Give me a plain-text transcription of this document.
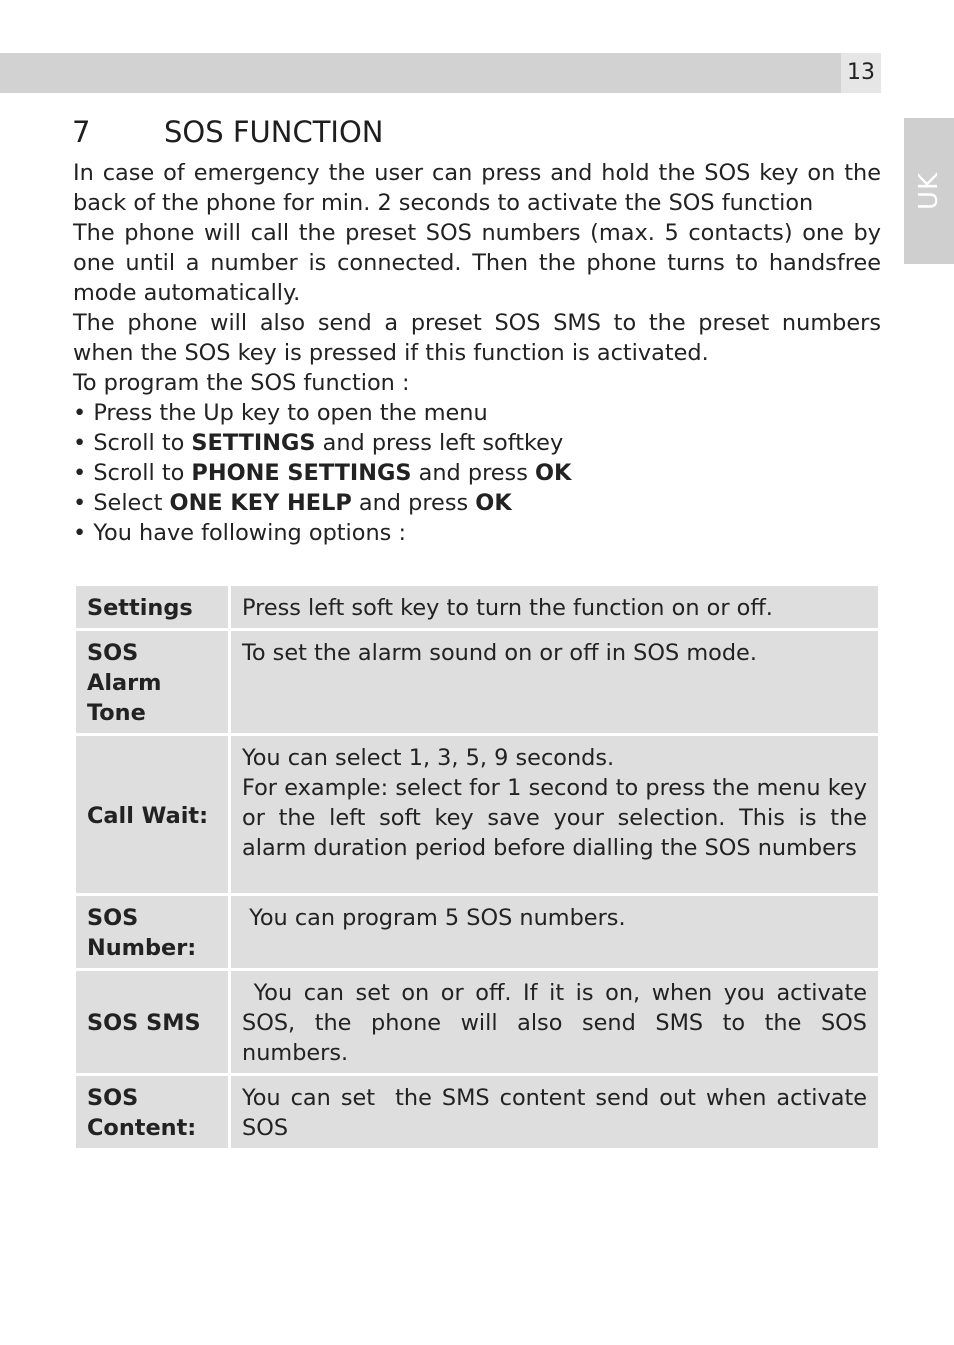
13
UK
7	SOS FUNCTION

In case of emergency the user can press and hold the SOS key on the back of the phone for min. 2 seconds to activate the SOS function

The phone will call the preset SOS numbers (max. 5 contacts) one by one until a number is connected. Then the phone turns to handsfree mode automatically.

The phone will also send a preset SOS SMS to the preset numbers when the SOS key is pressed if this function is activated.

To program the SOS function :

• Press the Up key to open the menu
• Scroll to SETTINGS and press left softkey
• Scroll to PHONE SETTINGS and press OK
• Select ONE KEY HELP and press OK
• You have following options :
Settings	Press left soft key to turn the function on or off.
SOS Alarm Tone	To set the alarm sound on or off in SOS mode.
Call Wait:	You can select 1, 3, 5, 9 seconds.
For example: select for 1 second to press the menu key or the left soft key save your selection. This is the alarm duration period before dialling the SOS numbers

SOS Number:	You can program 5 SOS numbers.
SOS SMS	You can set on or off. If it is on, when you activate SOS, the phone will also send SMS to the SOS numbers.
SOS Content:	You can set  the SMS content send out when activate SOS
